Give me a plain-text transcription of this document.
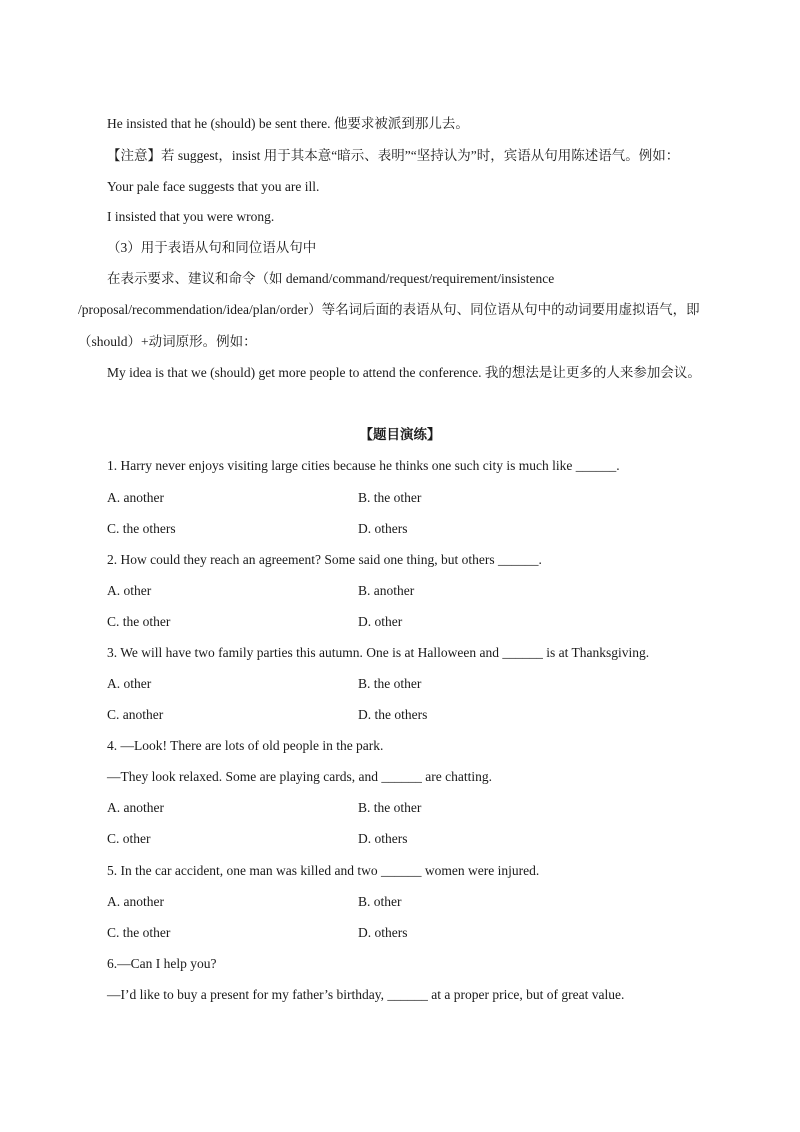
He insisted that he (should) be sent there. 他要求被派到那儿去。
【注意】若 suggest，insist 用于其本意“暗示、表明”“坚持认为”时，宾语从句用陈述语气。例如：
Your pale face suggests that you are ill.
I insisted that you were wrong.
（3）用于表语从句和同位语从句中
在表示要求、建议和命令（如 demand/command/request/requirement/insistence
/proposal/recommendation/idea/plan/order）等名词后面的表语从句、同位语从句中的动词要用虚拟语气，即
（should）+动词原形。例如：
My idea is that we (should) get more people to attend the conference. 我的想法是让更多的人来参加会议。
【题目演练】
1. Harry never enjoys visiting large cities because he thinks one such city is much like ______.
A. another	B. the other
C. the others	D. others
2. How could they reach an agreement? Some said one thing, but others ______.
A. other	B. another
C. the other	D. other
3. We will have two family parties this autumn. One is at Halloween and ______ is at Thanksgiving.
A. other	B. the other
C. another	D. the others
4. —Look! There are lots of old people in the park.
—They look relaxed. Some are playing cards, and ______ are chatting.
A. another	B. the other
C. other	D. others
5. In the car accident, one man was killed and two ______ women were injured.
A. another	B. other
C. the other	D. others
6.—Can I help you?
—I’d like to buy a present for my father’s birthday, ______ at a proper price, but of great value.
